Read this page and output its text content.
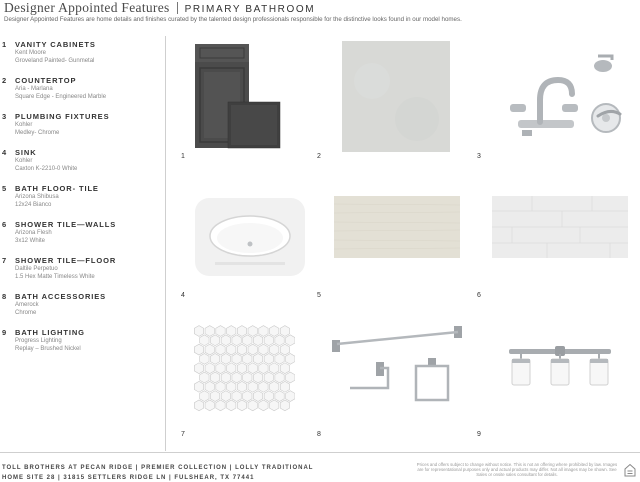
Designer Appointed Features PRIMARY BATHROOM
Designer Appointed Features are home details and finishes curated by the talented design professionals responsible for the distinctive looks found in our model homes.
1 VANITY CABINETS
Kent Moore
Groveland Painted- Gunmetal
2 COUNTERTOP
Aria - Marlana
Square Edge - Engineered Marble
3 PLUMBING FIXTURES
Kohler
Medley- Chrome
4 SINK
Kohler
Caxton K-2210-0 White
5 BATH FLOOR- TILE
Arizona Shibusa
12x24 Bianco
6 SHOWER TILE—WALLS
Arizona Flesh
3x12 White
7 SHOWER TILE—FLOOR
Daltile Perpetuo
1.5 Hex Matte Timeless White
8 BATH ACCESSORIES
Amerock
Chrome
9 BATH LIGHTING
Progress Lighting
Replay – Brushed Nickel
1	2	3
4	5	6
7	8	9
TOLL BROTHERS AT PECAN RIDGE | PREMIER COLLECTION | LOLLY TRADITIONAL
HOME SITE 28 | 31815 SETTLERS RIDGE LN | FULSHEAR, TX 77441
Prices and offers subject to change without notice. This is not an offering where prohibited by law. Images are for representational purposes only and actual products may differ. Not all images may be shown. See Sales or onsite sales consultant for details.
